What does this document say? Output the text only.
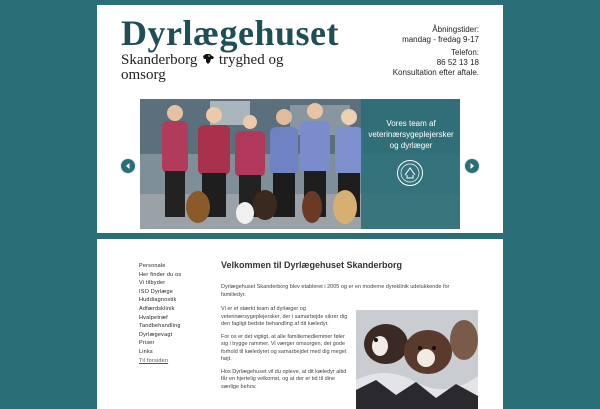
Dyrlægehuset
Skanderborg tryghed og
omsorg
Åbningstider:
mandag - fredag 9-17
Telefon:
86 52 13 18
Konsultation efter aftale.
Vores team af
veterinærsygeplejersker
og dyrlæger
Personale
Her finder du os
Vi tilbyder
ISO Dyrlæge
Huddiagnostik
Adfærdsklinik
Hvalpetræf
Tandbehandling
Dyrlægevagt
Priser
Links
Til forsiden
Velkommen til Dyrlægehuset Skanderborg
Dyrlægehuset Skanderborg blev etableret i 2005 og er en moderne dyreklinik udelukkende for familiedyr.

Vi er et stærkt team af dyrlæger og veterinærsygeplejersker, der i samarbejde sikrer dig den fagligt bedste behandling af dit kæledyr.

For os er det vigtigt, at alle familiemedlemmer føler sig i trygge rammer. Vi værger omsorgen, det gode forhold til kæledyret og samarbejdet med dig meget højt.

Hos Dyrlægehuset vil du opleve, at dit kæledyr altid får en hjertelig velkomst, og at der er tid til dine særlige behov.
